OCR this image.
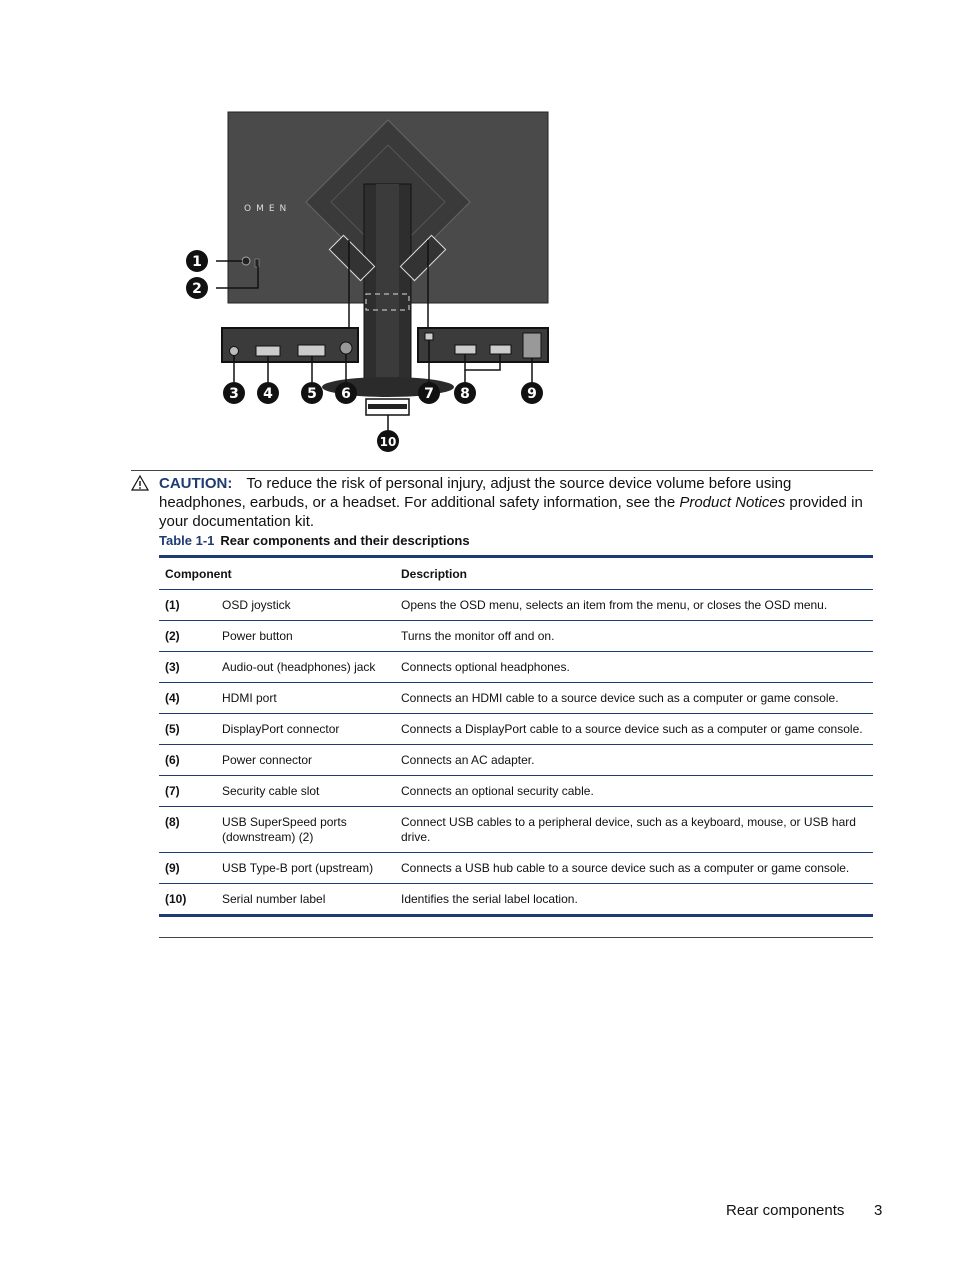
OMEN
1
2
3 4 5 6	7 8	9
10
CAUTION: To reduce the risk of personal injury, adjust the source device volume before using headphones, earbuds, or a headset. For additional safety information, see the Product Notices provided in your documentation kit.
Table 1-1 Rear components and their descriptions
Component		Description
(1)	OSD joystick	Opens the OSD menu, selects an item from the menu, or closes the OSD menu.
(2)	Power button	Turns the monitor off and on.
(3)	Audio-out (headphones) jack	Connects optional headphones.
(4)	HDMI port	Connects an HDMI cable to a source device such as a computer or game console.
(5)	DisplayPort connector	Connects a DisplayPort cable to a source device such as a computer or game console.
(6)	Power connector	Connects an AC adapter.
(7)	Security cable slot	Connects an optional security cable.
(8)	USB SuperSpeed ports (downstream) (2)	Connect USB cables to a peripheral device, such as a keyboard, mouse, or USB hard drive.
(9)	USB Type-B port (upstream)	Connects a USB hub cable to a source device such as a computer or game console.
(10)	Serial number label	Identifies the serial label location.
Rear components 3
